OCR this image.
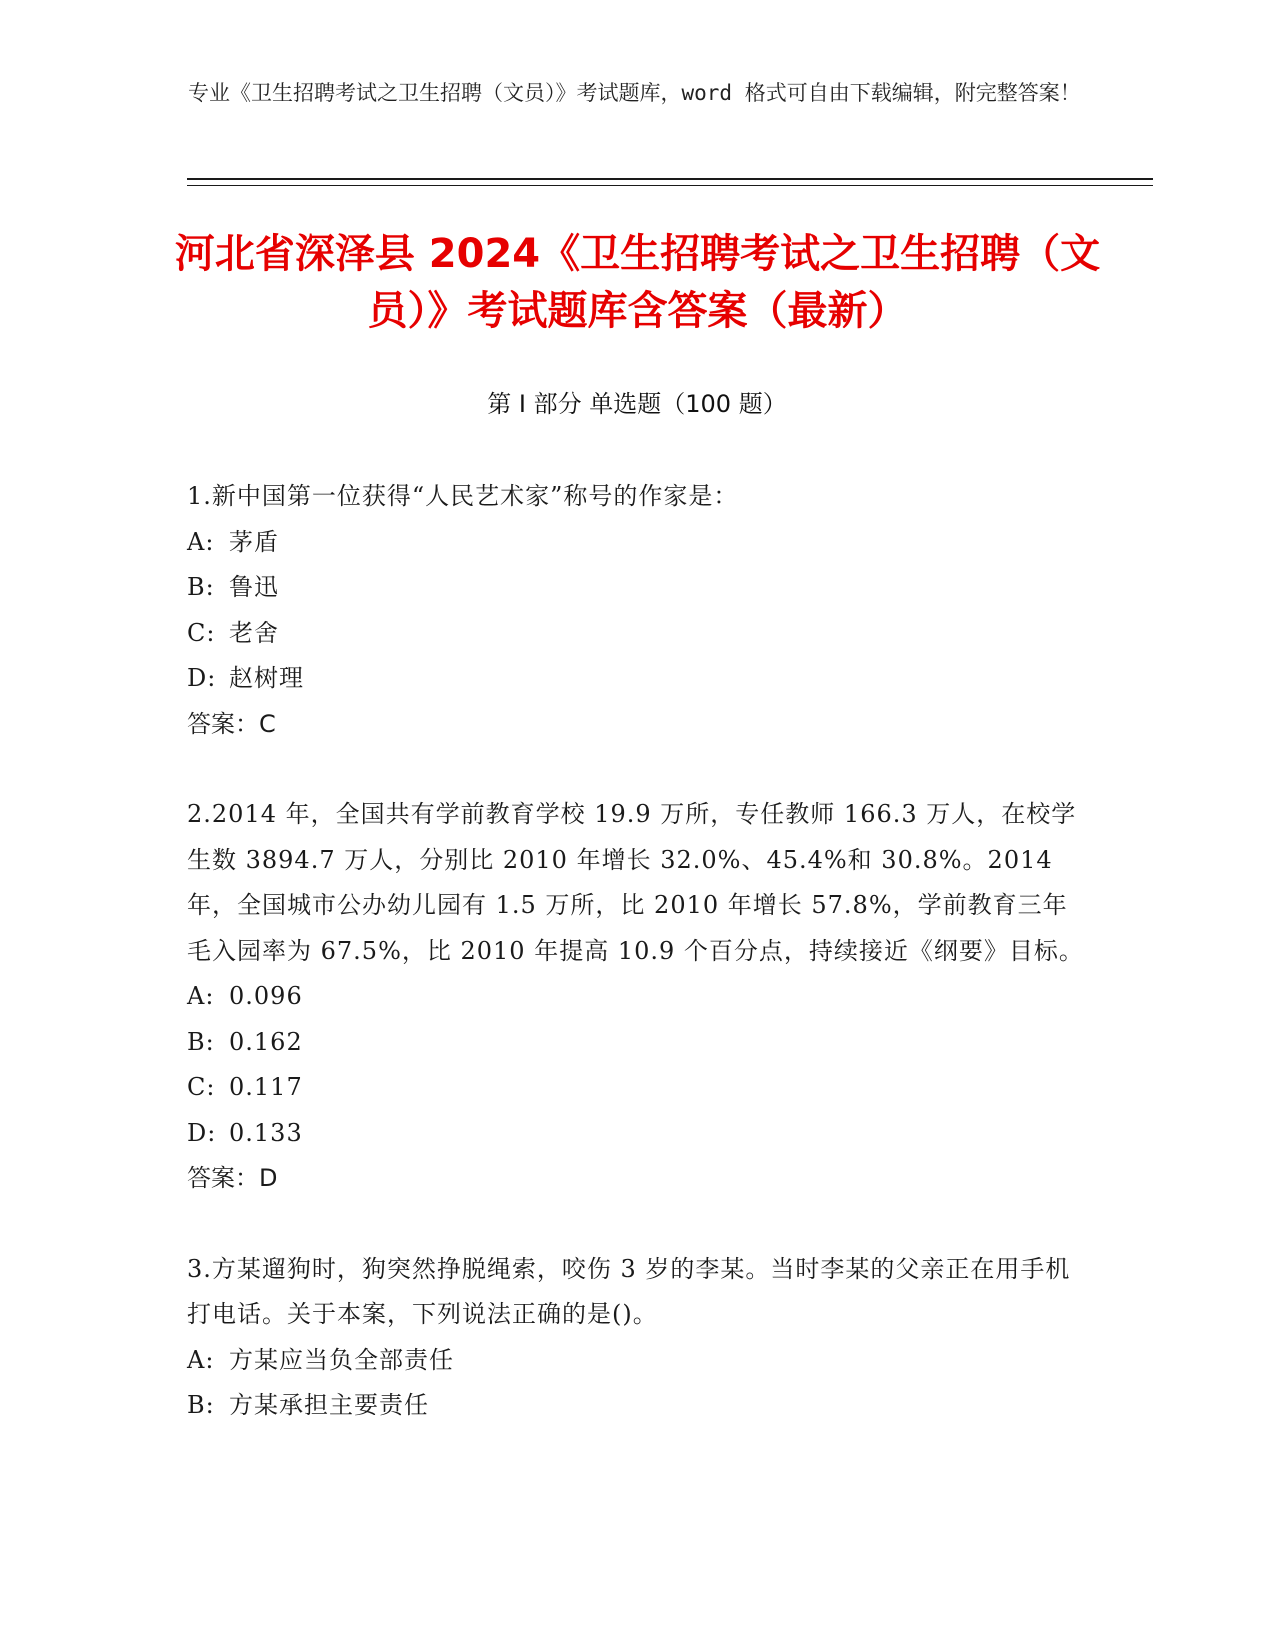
专业《卫生招聘考试之卫生招聘（文员）》考试题库，word 格式可自由下载编辑，附完整答案！
河北省深泽县 2024《卫生招聘考试之卫生招聘（文员）》考试题库含答案（最新）
第 I 部分 单选题（100 题）
1.新中国第一位获得“人民艺术家”称号的作家是：
A: 茅盾
B: 鲁迅
C: 老舍
D: 赵树理
答案：C
2.2014 年，全国共有学前教育学校 19.9 万所，专任教师 166.3 万人，在校学生数 3894.7 万人，分别比 2010 年增长 32.0%、45.4%和 30.8%。2014 年，全国城市公办幼儿园有 1.5 万所，比 2010 年增长 57.8%，学前教育三年毛入园率为 67.5%，比 2010 年提高 10.9 个百分点，持续接近《纲要》目标。
A: 0.096
B: 0.162
C: 0.117
D: 0.133
答案：D
3.方某遛狗时，狗突然挣脱绳索，咬伤 3 岁的李某。当时李某的父亲正在用手机打电话。关于本案，下列说法正确的是()。
A: 方某应当负全部责任
B: 方某承担主要责任
